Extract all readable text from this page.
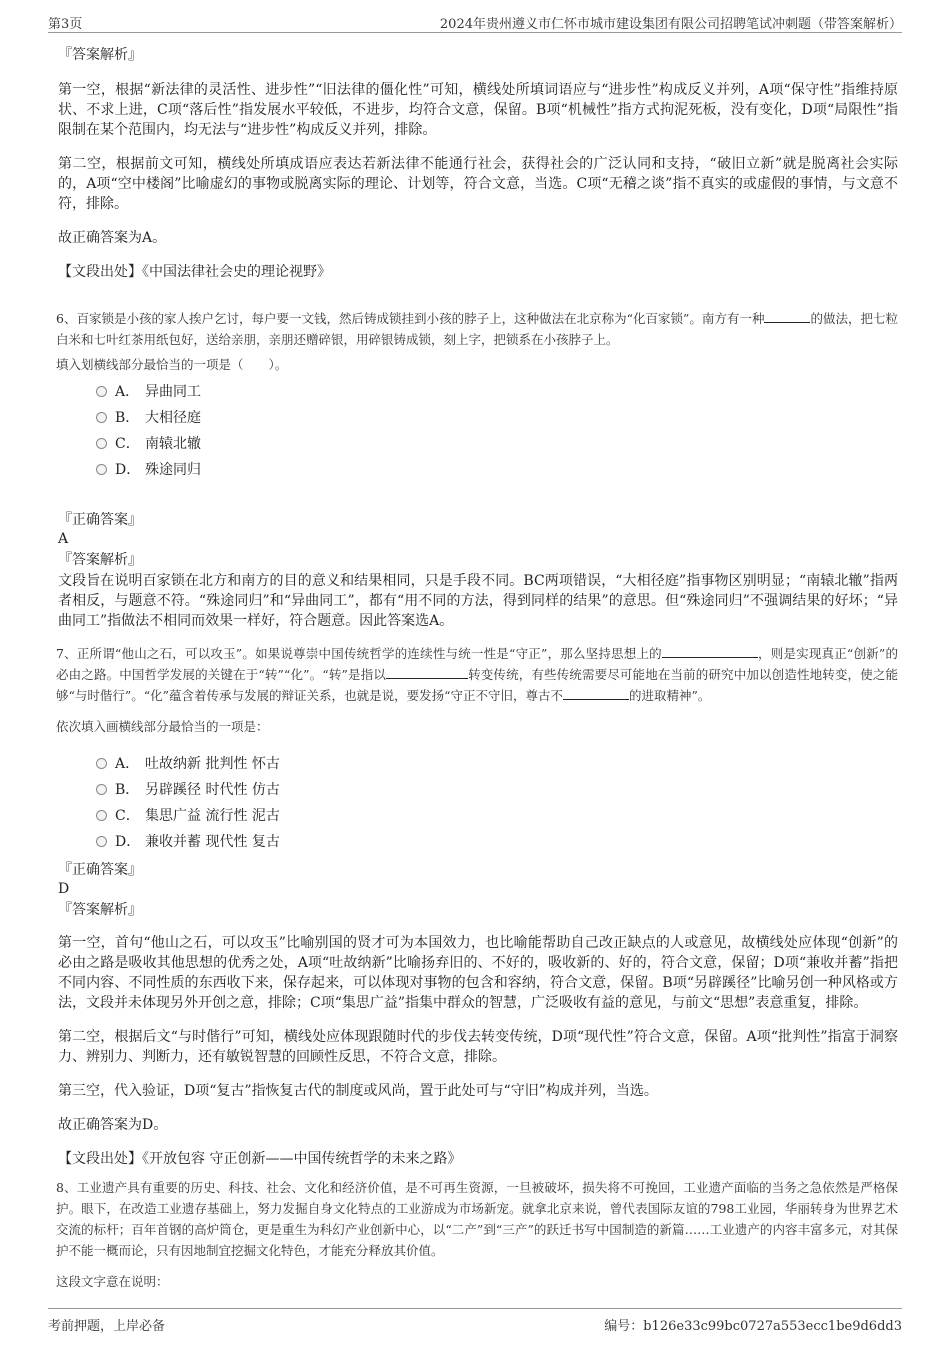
第3页	2024年贵州遵义市仁怀市城市建设集团有限公司招聘笔试冲刺题（带答案解析）
『答案解析』
第一空，根据“新法律的灵活性、进步性”“旧法律的僵化性”可知，横线处所填词语应与“进步性”构成反义并列，A项“保守性”指维持原状、不求上进，C项“落后性”指发展水平较低，不进步，均符合文意，保留。B项“机械性”指方式拘泥死板，没有变化，D项“局限性”指限制在某个范围内，均无法与“进步性”构成反义并列，排除。
第二空，根据前文可知，横线处所填成语应表达若新法律不能通行社会，获得社会的广泛认同和支持，“破旧立新”就是脱离社会实际的，A项“空中楼阁”比喻虚幻的事物或脱离实际的理论、计划等，符合文意，当选。C项“无稽之谈”指不真实的或虚假的事情，与文意不符，排除。
故正确答案为A。
【文段出处】《中国法律社会史的理论视野》
6、百家锁是小孩的家人挨户乞讨，每户要一文钱，然后铸成锁挂到小孩的脖子上，这种做法在北京称为“化百家锁”。南方有一种	的做法，把七粒白米和七叶红茶用纸包好，送给亲朋，亲朋还赠碎银，用碎银铸成锁，刻上字，把锁系在小孩脖子上。
填入划横线部分最恰当的一项是（　　）。
A． 异曲同工
B． 大相径庭
C． 南辕北辙
D． 殊途同归
『正确答案』
A
『答案解析』
文段旨在说明百家锁在北方和南方的目的意义和结果相同，只是手段不同。BC两项错误，“大相径庭”指事物区别明显；“南辕北辙”指两者相反，与题意不符。“殊途同归”和“异曲同工”，都有“用不同的方法，得到同样的结果”的意思。但“殊途同归”不强调结果的好坏；“异曲同工”指做法不相同而效果一样好，符合题意。因此答案选A。
7、正所谓“他山之石，可以攻玉”。如果说尊崇中国传统哲学的连续性与统一性是“守正”，那么坚持思想上的	，则是实现真正“创新”的必由之路。中国哲学发展的关键在于“转”“化”。“转”是指以	转变传统，有些传统需要尽可能地在当前的研究中加以创造性地转变，使之能够“与时偕行”。“化”蕴含着传承与发展的辩证关系，也就是说，要发扬“守正不守旧，尊古不	的进取精神”。
依次填入画横线部分最恰当的一项是：
A． 吐故纳新 批判性 怀古
B． 另辟蹊径 时代性 仿古
C． 集思广益 流行性 泥古
D． 兼收并蓄 现代性 复古
『正确答案』
D
『答案解析』
第一空，首句“他山之石，可以攻玉”比喻别国的贤才可为本国效力，也比喻能帮助自己改正缺点的人或意见，故横线处应体现“创新”的必由之路是吸收其他思想的优秀之处，A项“吐故纳新”比喻扬弃旧的、不好的，吸收新的、好的，符合文意，保留；D项“兼收并蓄”指把不同内容、不同性质的东西收下来，保存起来，可以体现对事物的包含和容纳，符合文意，保留。B项“另辟蹊径”比喻另创一种风格或方法，文段并未体现另外开创之意，排除；C项“集思广益”指集中群众的智慧，广泛吸收有益的意见，与前文“思想”表意重复，排除。
第二空，根据后文“与时偕行”可知，横线处应体现跟随时代的步伐去转变传统，D项“现代性”符合文意，保留。A项“批判性”指富于洞察力、辨别力、判断力，还有敏锐智慧的回顾性反思，不符合文意，排除。
第三空，代入验证，D项“复古”指恢复古代的制度或风尚，置于此处可与“守旧”构成并列，当选。
故正确答案为D。
【文段出处】《开放包容 守正创新——中国传统哲学的未来之路》
8、工业遗产具有重要的历史、科技、社会、文化和经济价值，是不可再生资源，一旦被破坏，损失将不可挽回，工业遗产面临的当务之急依然是严格保护。眼下，在改造工业遗存基础上，努力发掘自身文化特点的工业游成为市场新宠。就拿北京来说，曾代表国际友谊的798工业园，华丽转身为世界艺术交流的标杆；百年首钢的高炉筒仓，更是重生为科幻产业创新中心，以“二产”到“三产”的跃迁书写中国制造的新篇……工业遗产的内容丰富多元，对其保护不能一概而论，只有因地制宜挖掘文化特色，才能充分释放其价值。
这段文字意在说明：
考前押题，上岸必备	编号：b126e33c99bc0727a553ecc1be9d6dd3
